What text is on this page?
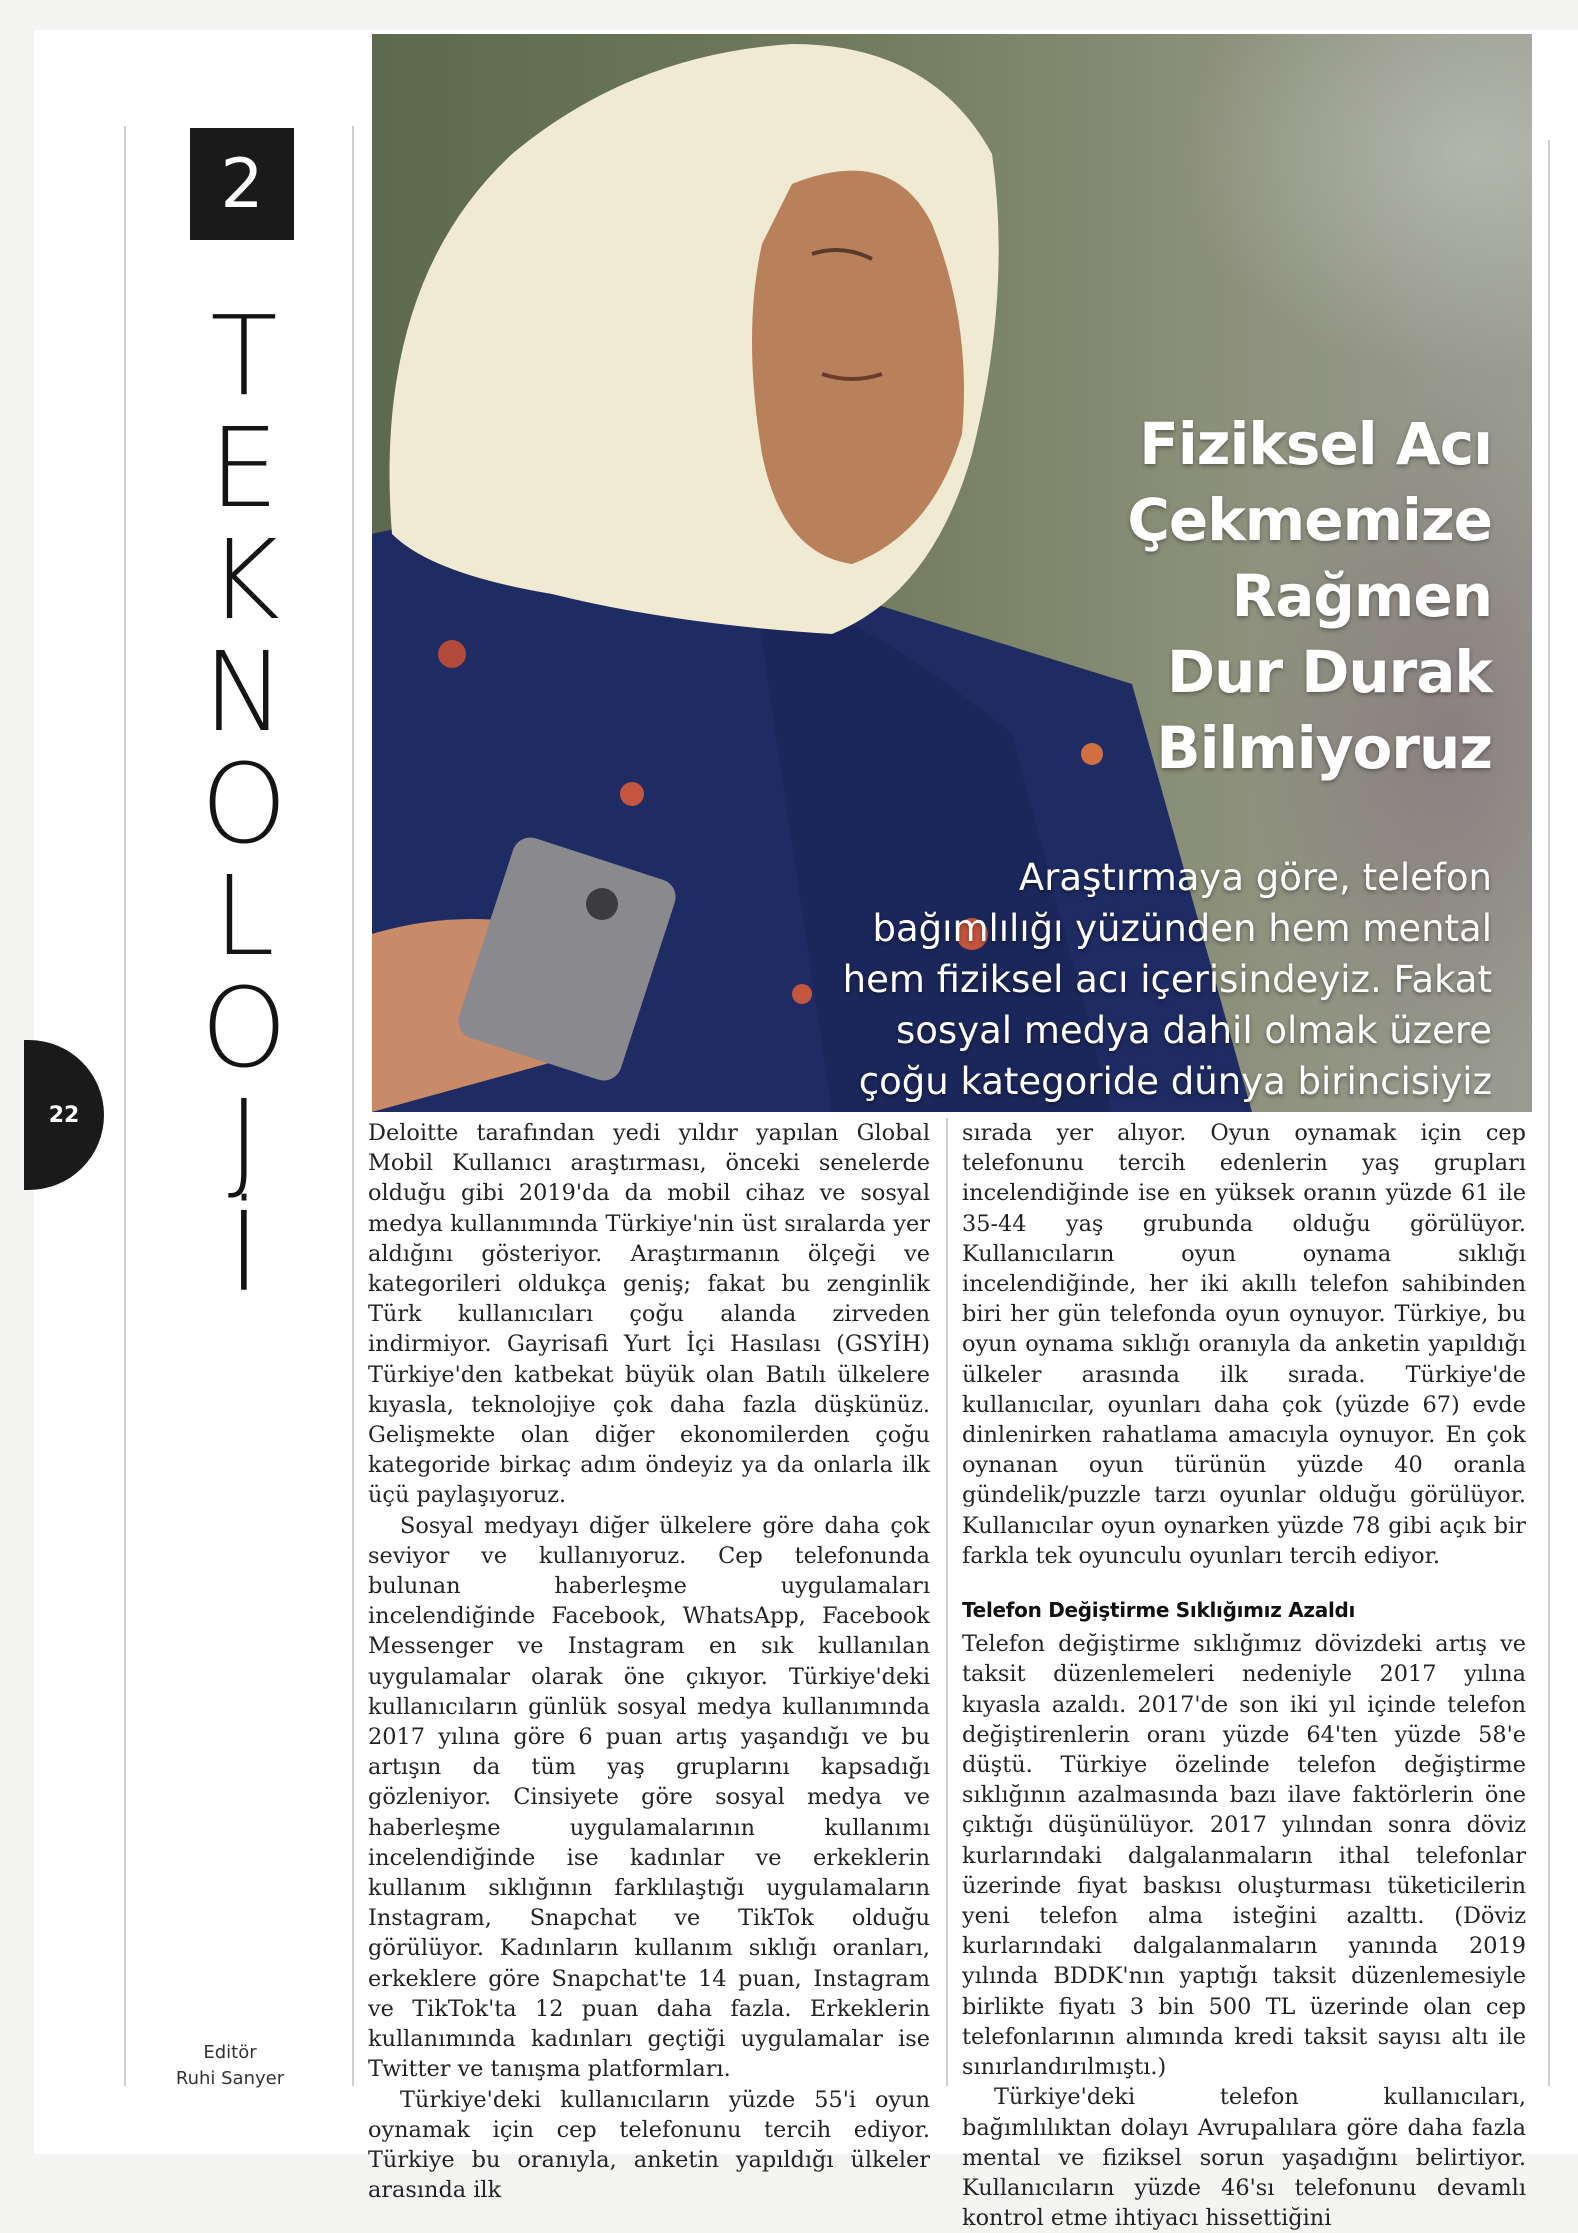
2
T
E
K
N
O
L
O
J
İ
22
Editör
Ruhi Sanyer
Fiziksel Acı
Çekmemize
Rağmen
Dur Durak
Bilmiyoruz
Araştırmaya göre, telefon
bağımlılığı yüzünden hem mental
hem fiziksel acı içerisindeyiz. Fakat
sosyal medya dahil olmak üzere
çoğu kategoride dünya birincisiyiz

Deloitte tarafından yedi yıldır yapılan Global Mobil Kullanıcı araştırması, önceki senelerde olduğu gibi 2019'da da mobil cihaz ve sosyal medya kullanımında Türkiye'nin üst sıralarda yer aldığını gösteriyor. Araştırmanın ölçeği ve kategorileri oldukça geniş; fakat bu zenginlik Türk kullanıcıları çoğu alanda zirveden indirmiyor. Gayrisafi Yurt İçi Hasılası (GSYİH) Türkiye'den katbekat büyük olan Batılı ülkelere kıyasla, teknolojiye çok daha fazla düşkünüz. Gelişmekte olan diğer ekonomilerden çoğu kategoride birkaç adım öndeyiz ya da onlarla ilk üçü paylaşıyoruz.

Sosyal medyayı diğer ülkelere göre daha çok seviyor ve kullanıyoruz. Cep telefonunda bulunan haberleşme uygulamaları incelendiğinde Facebook, WhatsApp, Facebook Messenger ve Instagram en sık kullanılan uygulamalar olarak öne çıkıyor. Türkiye'deki kullanıcıların günlük sosyal medya kullanımında 2017 yılına göre 6 puan artış yaşandığı ve bu artışın da tüm yaş gruplarını kapsadığı gözleniyor. Cinsiyete göre sosyal medya ve haberleşme uygulamalarının kullanımı incelendiğinde ise kadınlar ve erkeklerin kullanım sıklığının farklılaştığı uygulamaların Instagram, Snapchat ve TikTok olduğu görülüyor. Kadınların kullanım sıklığı oranları, erkeklere göre Snapchat'te 14 puan, Instagram ve TikTok'ta 12 puan daha fazla. Erkeklerin kullanımında kadınları geçtiği uygulamalar ise Twitter ve tanışma platformları.

Türkiye'deki kullanıcıların yüzde 55'i oyun oynamak için cep telefonunu tercih ediyor. Türkiye bu oranıyla, anketin yapıldığı ülkeler arasında ilk

sırada yer alıyor. Oyun oynamak için cep telefonunu tercih edenlerin yaş grupları incelendiğinde ise en yüksek oranın yüzde 61 ile 35-44 yaş grubunda olduğu görülüyor. Kullanıcıların oyun oynama sıklığı incelendiğinde, her iki akıllı telefon sahibinden biri her gün telefonda oyun oynuyor. Türkiye, bu oyun oynama sıklığı oranıyla da anketin yapıldığı ülkeler arasında ilk sırada. Türkiye'de kullanıcılar, oyunları daha çok (yüzde 67) evde dinlenirken rahatlama amacıyla oynuyor. En çok oynanan oyun türünün yüzde 40 oranla gündelik/puzzle tarzı oyunlar olduğu görülüyor. Kullanıcılar oyun oynarken yüzde 78 gibi açık bir farkla tek oyunculu oyunları tercih ediyor.

Telefon Değiştirme Sıklığımız Azaldı

Telefon değiştirme sıklığımız dövizdeki artış ve taksit düzenlemeleri nedeniyle 2017 yılına kıyasla azaldı. 2017'de son iki yıl içinde telefon değiştirenlerin oranı yüzde 64'ten yüzde 58'e düştü. Türkiye özelinde telefon değiştirme sıklığının azalmasında bazı ilave faktörlerin öne çıktığı düşünülüyor. 2017 yılından sonra döviz kurlarındaki dalgalanmaların ithal telefonlar üzerinde fiyat baskısı oluşturması tüketicilerin yeni telefon alma isteğini azalttı. (Döviz kurlarındaki dalgalanmaların yanında 2019 yılında BDDK'nın yaptığı taksit düzenlemesiyle birlikte fiyatı 3 bin 500 TL üzerinde olan cep telefonlarının alımında kredi taksit sayısı altı ile sınırlandırılmıştı.)

Türkiye'deki telefon kullanıcıları, bağımlılıktan dolayı Avrupalılara göre daha fazla mental ve fiziksel sorun yaşadığını belirtiyor. Kullanıcıların yüzde 46'sı telefonunu devamlı kontrol etme ihtiyacı hissettiğini
